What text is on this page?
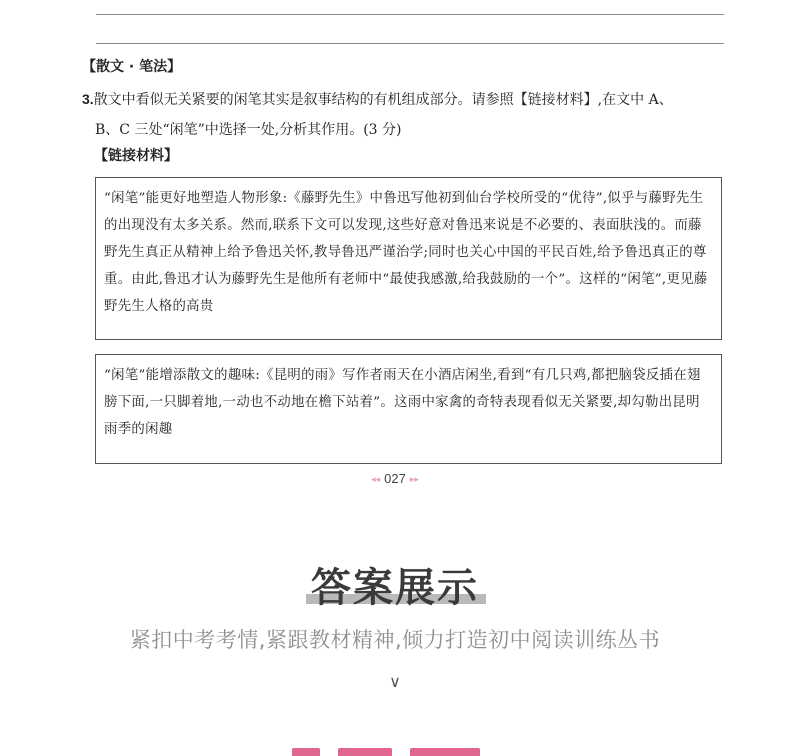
【散文 · 笔法】
3.散文中看似无关紧要的闲笔其实是叙事结构的有机组成部分。请参照【链接材料】,在文中 A、
B、C 三处“闲笔”中选择一处,分析其作用。(3 分)
【链接材料】
“闲笔”能更好地塑造人物形象:《藤野先生》中鲁迅写他初到仙台学校所受的“优待”,似乎与藤野先生的出现没有太多关系。然而,联系下文可以发现,这些好意对鲁迅来说是不必要的、表面肤浅的。而藤野先生真正从精神上给予鲁迅关怀,教导鲁迅严谨治学;同时也关心中国的平民百姓,给予鲁迅真正的尊重。由此,鲁迅才认为藤野先生是他所有老师中“最使我感激,给我鼓励的一个”。这样的“闲笔”,更见藤野先生人格的高贵
“闲笔”能增添散文的趣味:《昆明的雨》写作者雨天在小酒店闲坐,看到“有几只鸡,都把脑袋反插在翅膀下面,一只脚着地,一动也不动地在檐下站着”。这雨中家禽的奇特表现看似无关紧要,却勾勒出昆明雨季的闲趣
◂◂ 027 ▸▸
答案展示
紧扣中考考情,紧跟教材精神,倾力打造初中阅读训练丛书
∨
